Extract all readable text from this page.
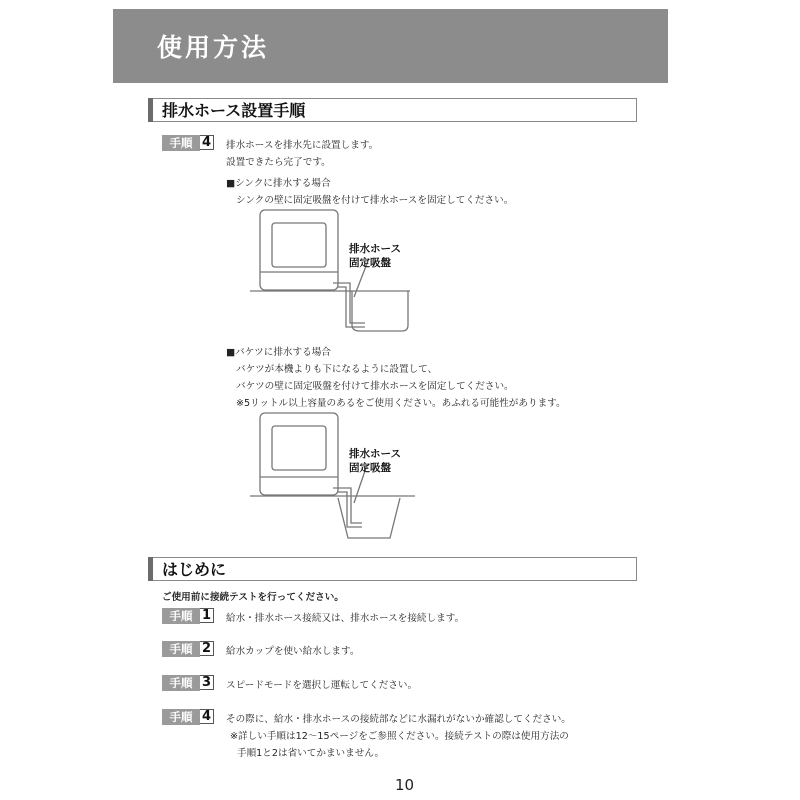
使用方法
排水ホース設置手順
手順 4	排水ホースを排水先に設置します。
設置できたら完了です。
■シンクに排水する場合
シンクの壁に固定吸盤を付けて排水ホースを固定してください。
排水ホース
固定吸盤
■バケツに排水する場合
バケツが本機よりも下になるように設置して、
バケツの壁に固定吸盤を付けて排水ホースを固定してください。
※5リットル以上容量のあるをご使用ください。あふれる可能性があります。
排水ホース
固定吸盤
はじめに
ご使用前に接続テストを行ってください。
手順 1	給水・排水ホース接続又は、排水ホースを接続します。
手順 2	給水カップを使い給水します。
手順 3	スピードモードを選択し運転してください。
手順 4	その際に、給水・排水ホースの接続部などに水漏れがないか確認してください。
※詳しい手順は12〜15ページをご参照ください。接続テストの際は使用方法の
手順1と2は省いてかまいません。
10
